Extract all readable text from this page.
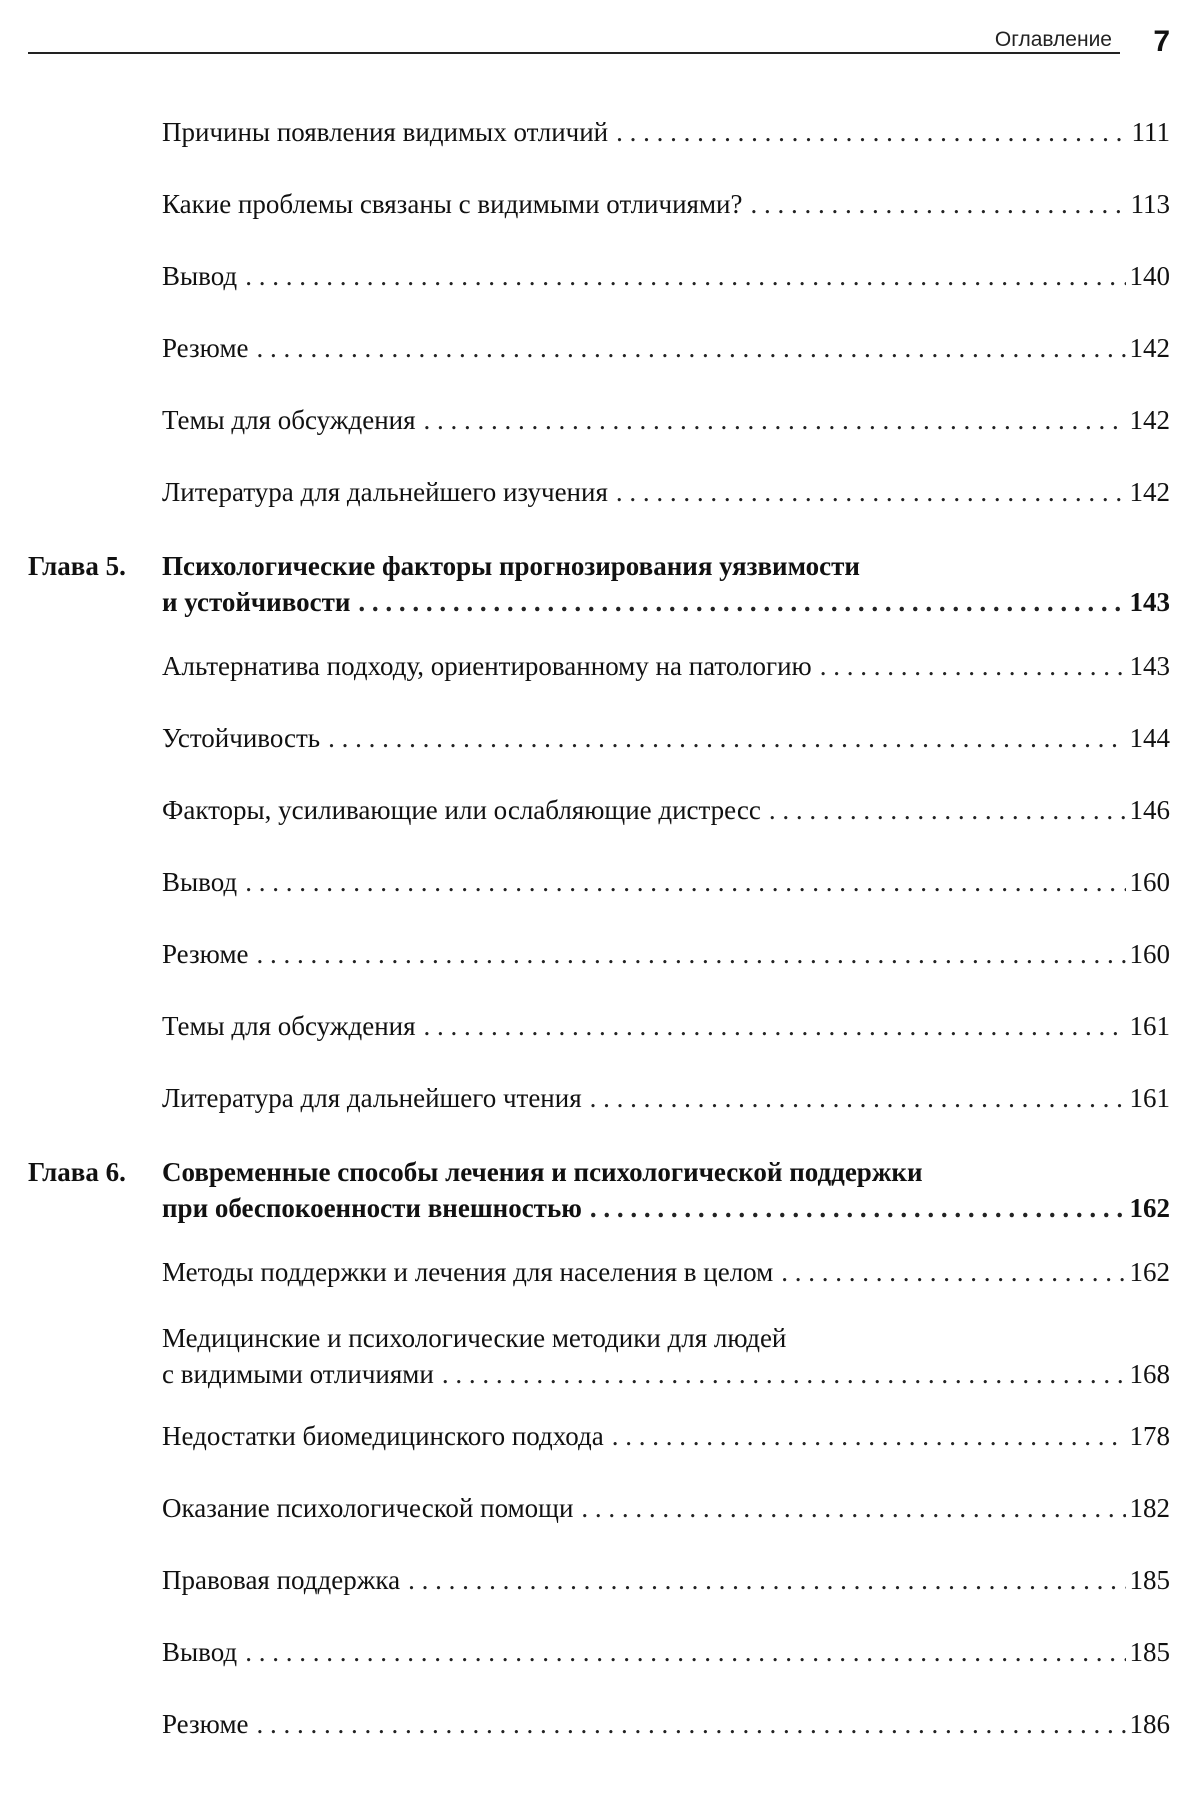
Оглавление 7
Причины появления видимых отличий . . .	111
Какие проблемы связаны с видимыми отличиями? . . .	113
Вывод . . .	140
Резюме . . .	142
Темы для обсуждения . . .	142
Литература для дальнейшего изучения . . .	142
Глава 5. Психологические факторы прогнозирования уязвимости
и устойчивости . . .	143
Альтернатива подходу, ориентированному на патологию . . .	143
Устойчивость . . .	144
Факторы, усиливающие или ослабляющие дистресс . . .	146
Вывод . . .	160
Резюме . . .	160
Темы для обсуждения . . .	161
Литература для дальнейшего чтения . . .	161
Глава 6. Современные способы лечения и психологической поддержки
при обеспокоенности внешностью . . .	162
Методы поддержки и лечения для населения в целом . . .	162
Медицинские и психологические методики для людей
с видимыми отличиями . . .	168
Недостатки биомедицинского подхода . . .	178
Оказание психологической помощи . . .	182
Правовая поддержка . . .	185
Вывод . . .	185
Резюме . . .	186
